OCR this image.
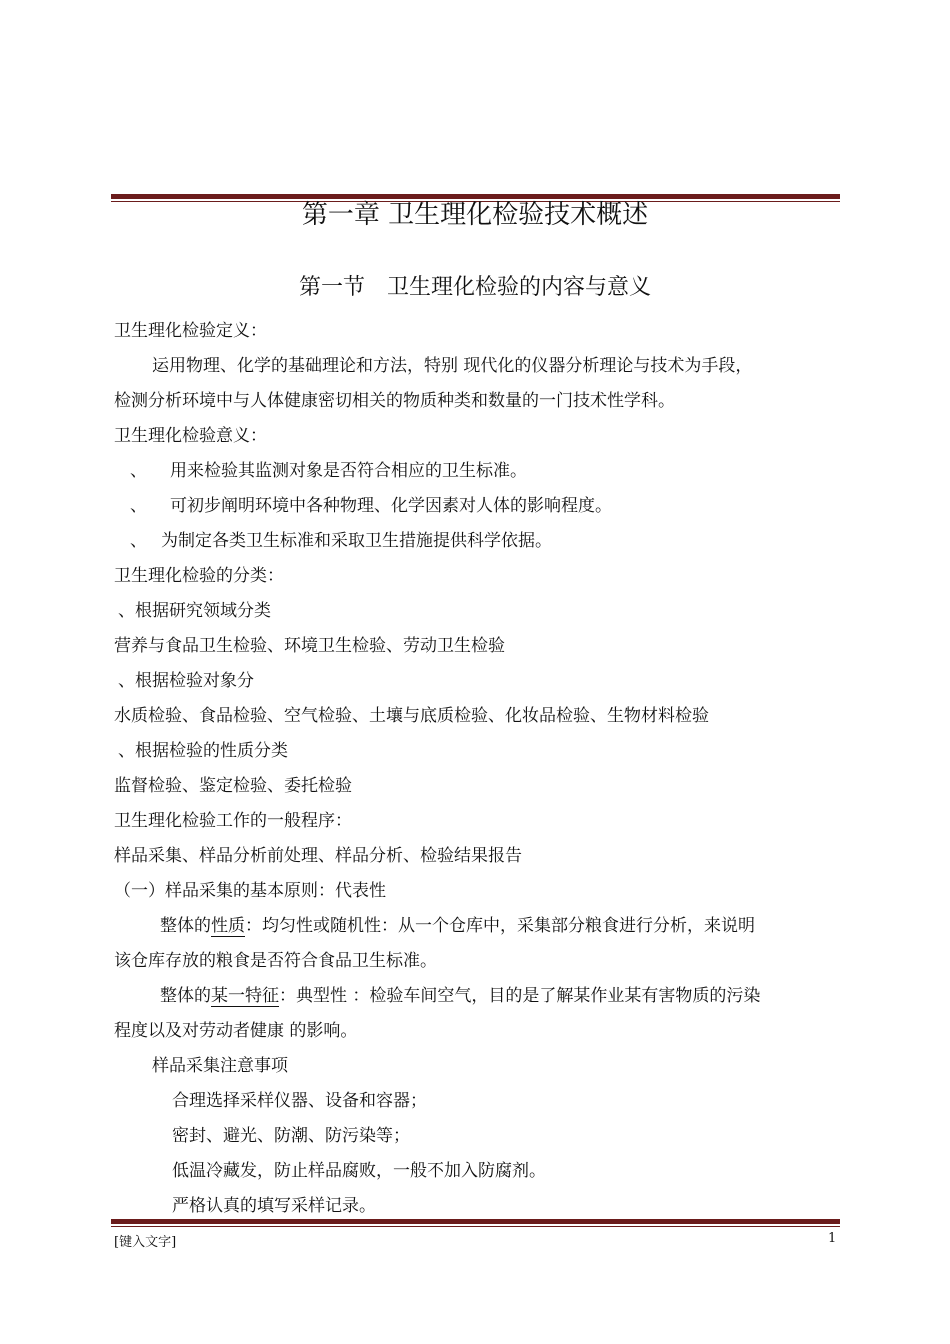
第一章 卫生理化检验技术概述
第一节 卫生理化检验的内容与意义
卫生理化检验定义：
运用物理、化学的基础理论和方法，特别 现代化的仪器分析理论与技术为手段，
检测分析环境中与人体健康密切相关的物质种类和数量的一门技术性学科。
卫生理化检验意义：
、 用来检验其监测对象是否符合相应的卫生标准。
、 可初步阐明环境中各种物理、化学因素对人体的影响程度。
、 为制定各类卫生标准和采取卫生措施提供科学依据。
卫生理化检验的分类：
、根据研究领域分类
营养与食品卫生检验、环境卫生检验、劳动卫生检验
、根据检验对象分
水质检验、食品检验、空气检验、土壤与底质检验、化妆品检验、生物材料检验
、根据检验的性质分类
监督检验、鉴定检验、委托检验
卫生理化检验工作的一般程序：
样品采集、样品分析前处理、样品分析、检验结果报告
（一）样品采集的基本原则：代表性
整体的性质：均匀性或随机性：从一个仓库中，采集部分粮食进行分析，来说明
该仓库存放的粮食是否符合食品卫生标准。
整体的某一特征：典型性 ：检验车间空气，目的是了解某作业某有害物质的污染
程度以及对劳动者健康 的影响。
样品采集注意事项
合理选择采样仪器、设备和容器；
密封、避光、防潮、防污染等；
低温冷藏发，防止样品腐败，一般不加入防腐剂。
严格认真的填写采样记录。
[键入文字]	1
